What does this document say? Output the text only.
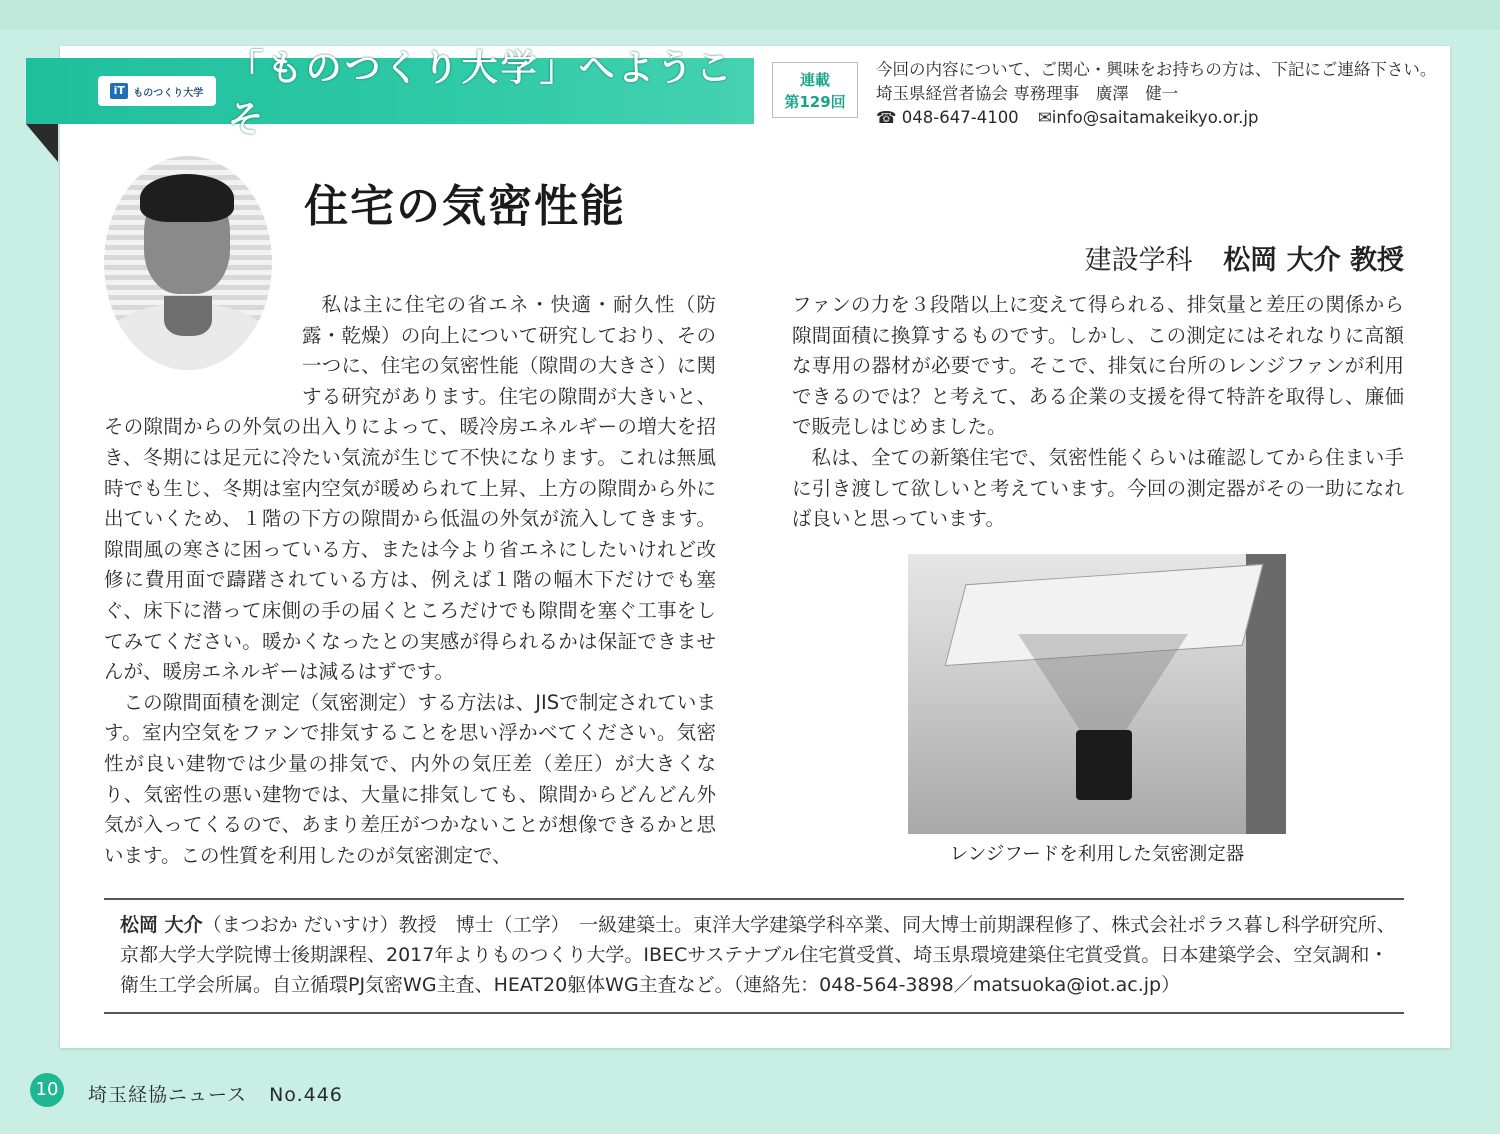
iT ものつくり大学
「ものつくり大学」へようこそ
連載
第129回
今回の内容について、ご関心・興味をお持ちの方は、下記にご連絡下さい。
埼玉県経営者協会 専務理事　廣澤　健一
☎ 048-647-4100 ✉info@saitamakeikyo.or.jp
住宅の気密性能
建設学科 松岡 大介 教授

私は主に住宅の省エネ・快適・耐久性（防露・乾燥）の向上について研究しており、その一つに、住宅の気密性能（隙間の大きさ）に関する研究があります。住宅の隙間が大きいと、その隙間からの外気の出入りによって、暖冷房エネルギーの増大を招き、冬期には足元に冷たい気流が生じて不快になります。これは無風時でも生じ、冬期は室内空気が暖められて上昇、上方の隙間から外に出ていくため、１階の下方の隙間から低温の外気が流入してきます。隙間風の寒さに困っている方、または今より省エネにしたいけれど改修に費用面で躊躇されている方は、例えば１階の幅木下だけでも塞ぐ、床下に潜って床側の手の届くところだけでも隙間を塞ぐ工事をしてみてください。暖かくなったとの実感が得られるかは保証できませんが、暖房エネルギーは減るはずです。

この隙間面積を測定（気密測定）する方法は、JISで制定されています。室内空気をファンで排気することを思い浮かべてください。気密性が良い建物では少量の排気で、内外の気圧差（差圧）が大きくなり、気密性の悪い建物では、大量に排気しても、隙間からどんどん外気が入ってくるので、あまり差圧がつかないことが想像できるかと思います。この性質を利用したのが気密測定で、

ファンの力を３段階以上に変えて得られる、排気量と差圧の関係から隙間面積に換算するものです。しかし、この測定にはそれなりに高額な専用の器材が必要です。そこで、排気に台所のレンジファンが利用できるのでは？と考えて、ある企業の支援を得て特許を取得し、廉価で販売しはじめました。

私は、全ての新築住宅で、気密性能くらいは確認してから住まい手に引き渡して欲しいと考えています。今回の測定器がその一助になれば良いと思っています。

レンジフードを利用した気密測定器
松岡 大介（まつおか だいすけ）教授　博士（工学）　一級建築士。東洋大学建築学科卒業、同大博士前期課程修了、株式会社ポラス暮し科学研究所、京都大学大学院博士後期課程、2017年よりものつくり大学。IBECサステナブル住宅賞受賞、埼玉県環境建築住宅賞受賞。日本建築学会、空気調和・衛生工学会所属。自立循環PJ気密WG主査、HEAT20躯体WG主査など。（連絡先：048-564-3898／matsuoka@iot.ac.jp）
10 埼玉経協ニュース No.446
